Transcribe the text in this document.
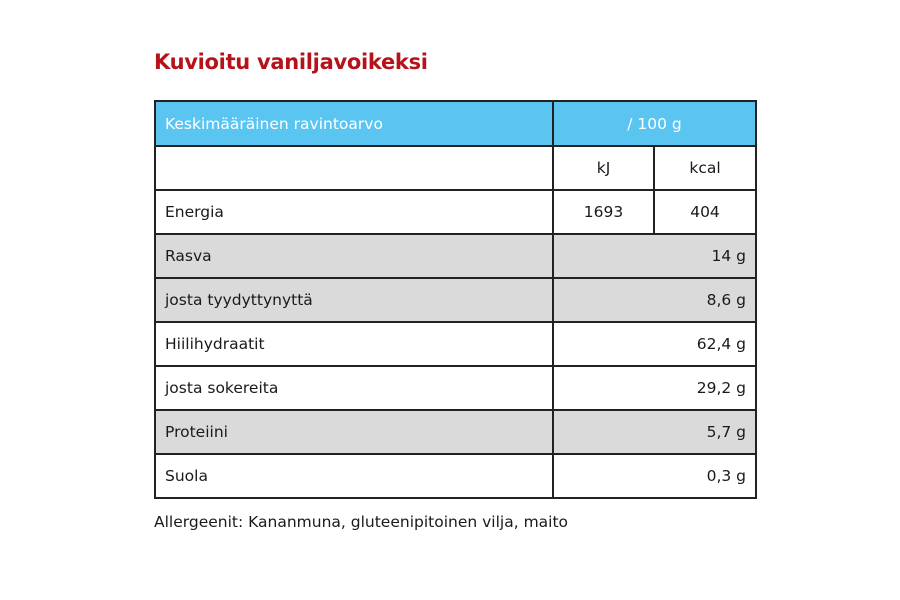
Kuvioitu vaniljavoikeksi
Keskimääräinen ravintoarvo	/ 100 g	
	kJ	kcal
Energia	1693	404
Rasva	14 g	
josta tyydyttynyttä	8,6 g	
Hiilihydraatit	62,4 g	
josta sokereita	29,2 g	
Proteiini	5,7 g	
Suola	0,3 g	

Allergeenit: Kananmuna, gluteenipitoinen vilja, maito
